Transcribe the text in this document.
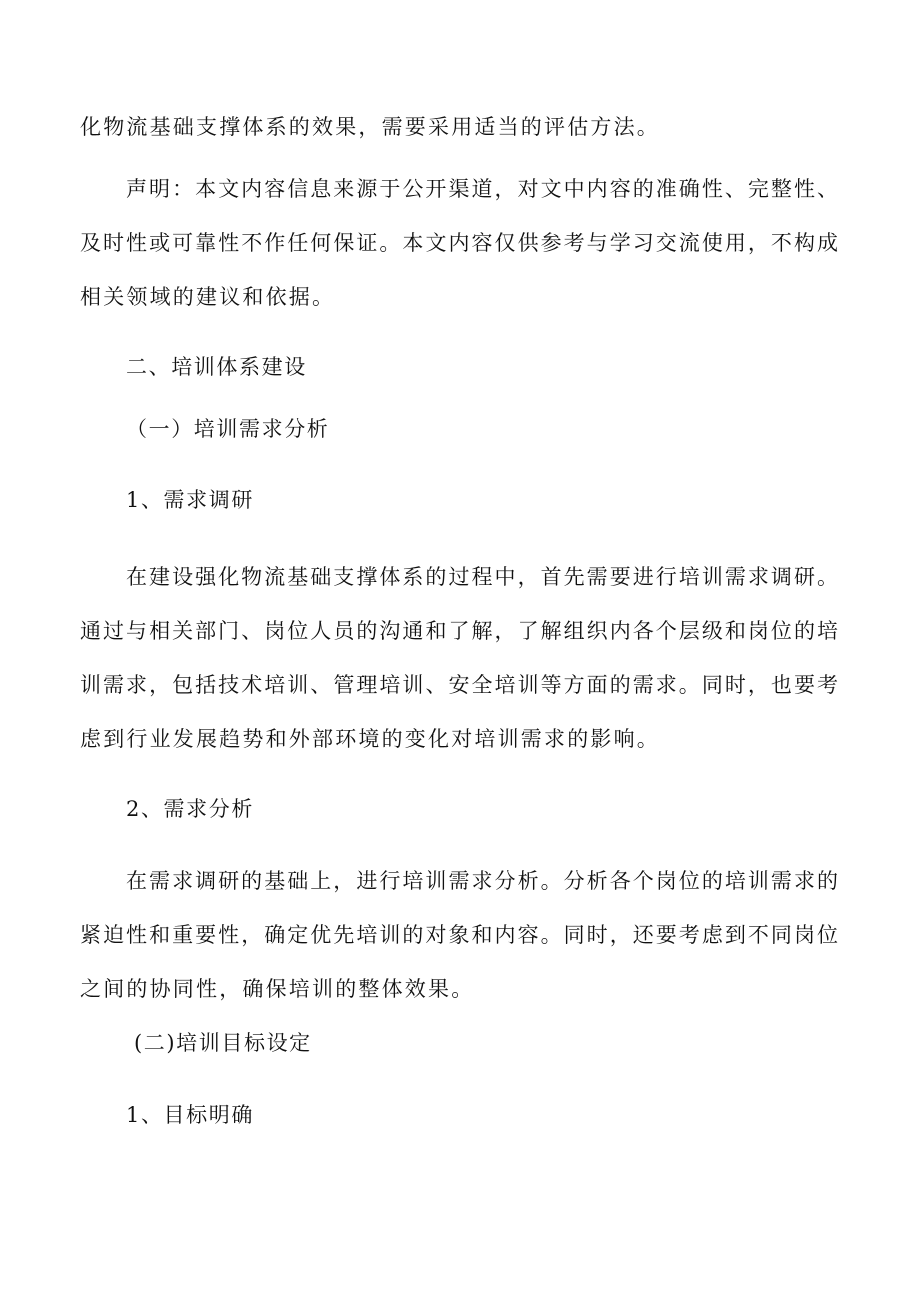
化物流基础支撑体系的效果，需要采用适当的评估方法。

声明：本文内容信息来源于公开渠道，对文中内容的准确性、完整性、

及时性或可靠性不作任何保证。本文内容仅供参考与学习交流使用，不构成

相关领域的建议和依据。

二、培训体系建设
（一）培训需求分析
1、需求调研

在建设强化物流基础支撑体系的过程中，首先需要进行培训需求调研。

通过与相关部门、岗位人员的沟通和了解，了解组织内各个层级和岗位的培

训需求，包括技术培训、管理培训、安全培训等方面的需求。同时，也要考

虑到行业发展趋势和外部环境的变化对培训需求的影响。

2、需求分析

在需求调研的基础上，进行培训需求分析。分析各个岗位的培训需求的

紧迫性和重要性，确定优先培训的对象和内容。同时，还要考虑到不同岗位

之间的协同性，确保培训的整体效果。

(二)培训目标设定
1、目标明确
